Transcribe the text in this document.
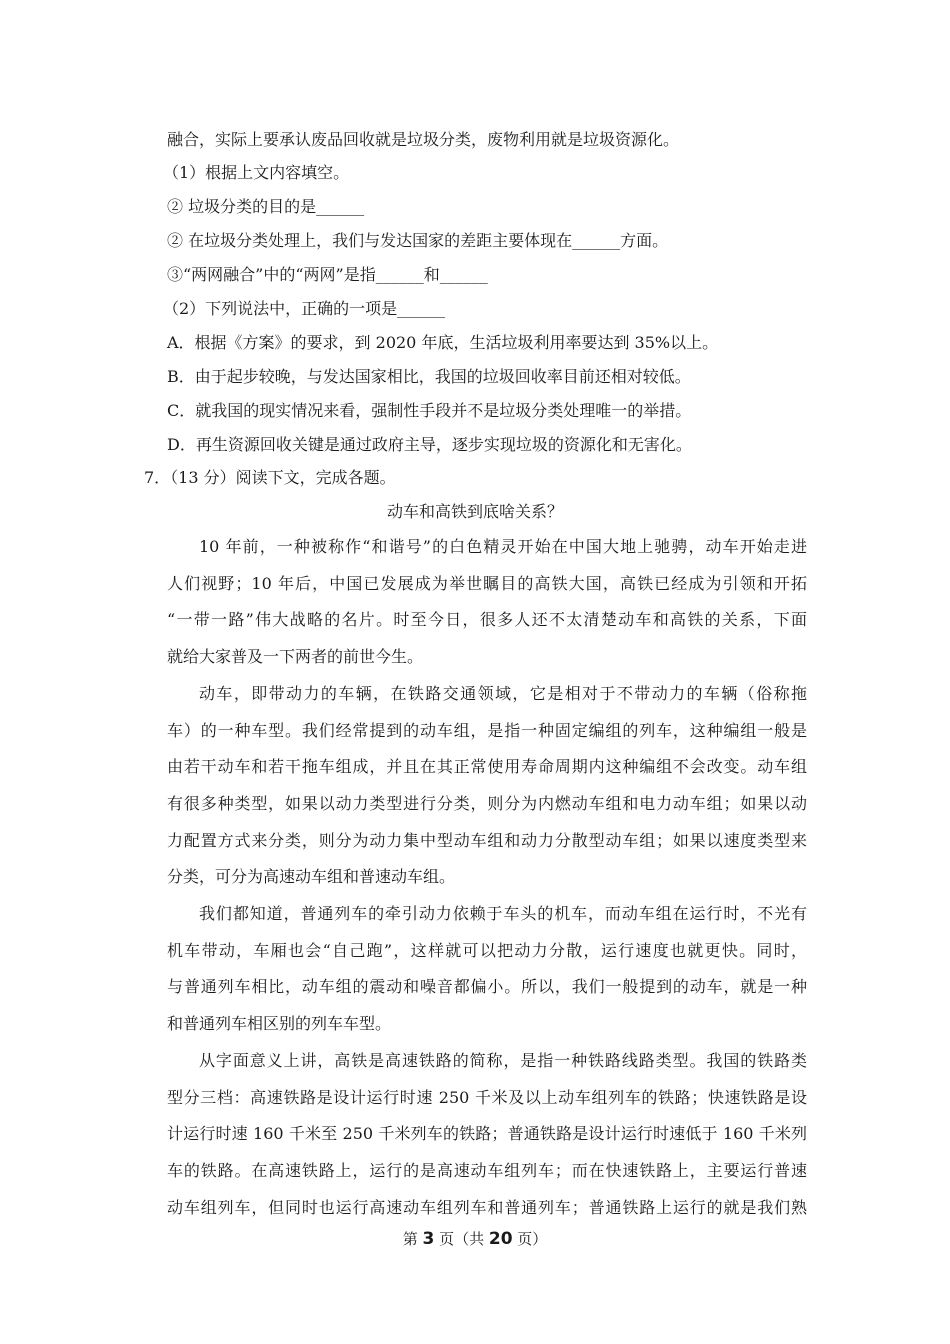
融合，实际上要承认废品回收就是垃圾分类，废物利用就是垃圾资源化。
（1）根据上文内容填空。
② 垃圾分类的目的是______
② 在垃圾分类处理上，我们与发达国家的差距主要体现在______方面。
③“两网融合”中的“两网”是指______和______
（2）下列说法中，正确的一项是______
A．根据《方案》的要求，到 2020 年底，生活垃圾利用率要达到 35%以上。
B．由于起步较晚，与发达国家相比，我国的垃圾回收率目前还相对较低。
C．就我国的现实情况来看，强制性手段并不是垃圾分类处理唯一的举措。
D．再生资源回收关键是通过政府主导，逐步实现垃圾的资源化和无害化。
7．（13 分）阅读下文，完成各题。
动车和高铁到底啥关系？
10 年前，一种被称作“和谐号”的白色精灵开始在中国大地上驰骋，动车开始走进
人们视野；10 年后，中国已发展成为举世瞩目的高铁大国，高铁已经成为引领和开拓
“一带一路”伟大战略的名片。时至今日，很多人还不太清楚动车和高铁的关系，下面
就给大家普及一下两者的前世今生。
动车，即带动力的车辆，在铁路交通领域，它是相对于不带动力的车辆（俗称拖
车）的一种车型。我们经常提到的动车组，是指一种固定编组的列车，这种编组一般是
由若干动车和若干拖车组成，并且在其正常使用寿命周期内这种编组不会改变。动车组
有很多种类型，如果以动力类型进行分类，则分为内燃动车组和电力动车组；如果以动
力配置方式来分类，则分为动力集中型动车组和动力分散型动车组；如果以速度类型来
分类，可分为高速动车组和普速动车组。
我们都知道，普通列车的牵引动力依赖于车头的机车，而动车组在运行时，不光有
机车带动，车厢也会“自己跑”，这样就可以把动力分散，运行速度也就更快。同时，
与普通列车相比，动车组的震动和噪音都偏小。所以，我们一般提到的动车，就是一种
和普通列车相区别的列车车型。
从字面意义上讲，高铁是高速铁路的简称，是指一种铁路线路类型。我国的铁路类
型分三档：高速铁路是设计运行时速 250 千米及以上动车组列车的铁路；快速铁路是设
计运行时速 160 千米至 250 千米列车的铁路；普通铁路是设计运行时速低于 160 千米列
车的铁路。在高速铁路上，运行的是高速动车组列车；而在快速铁路上，主要运行普速
动车组列车，但同时也运行高速动车组列车和普通列车；普通铁路上运行的就是我们熟
第 3 页（共 20 页）
